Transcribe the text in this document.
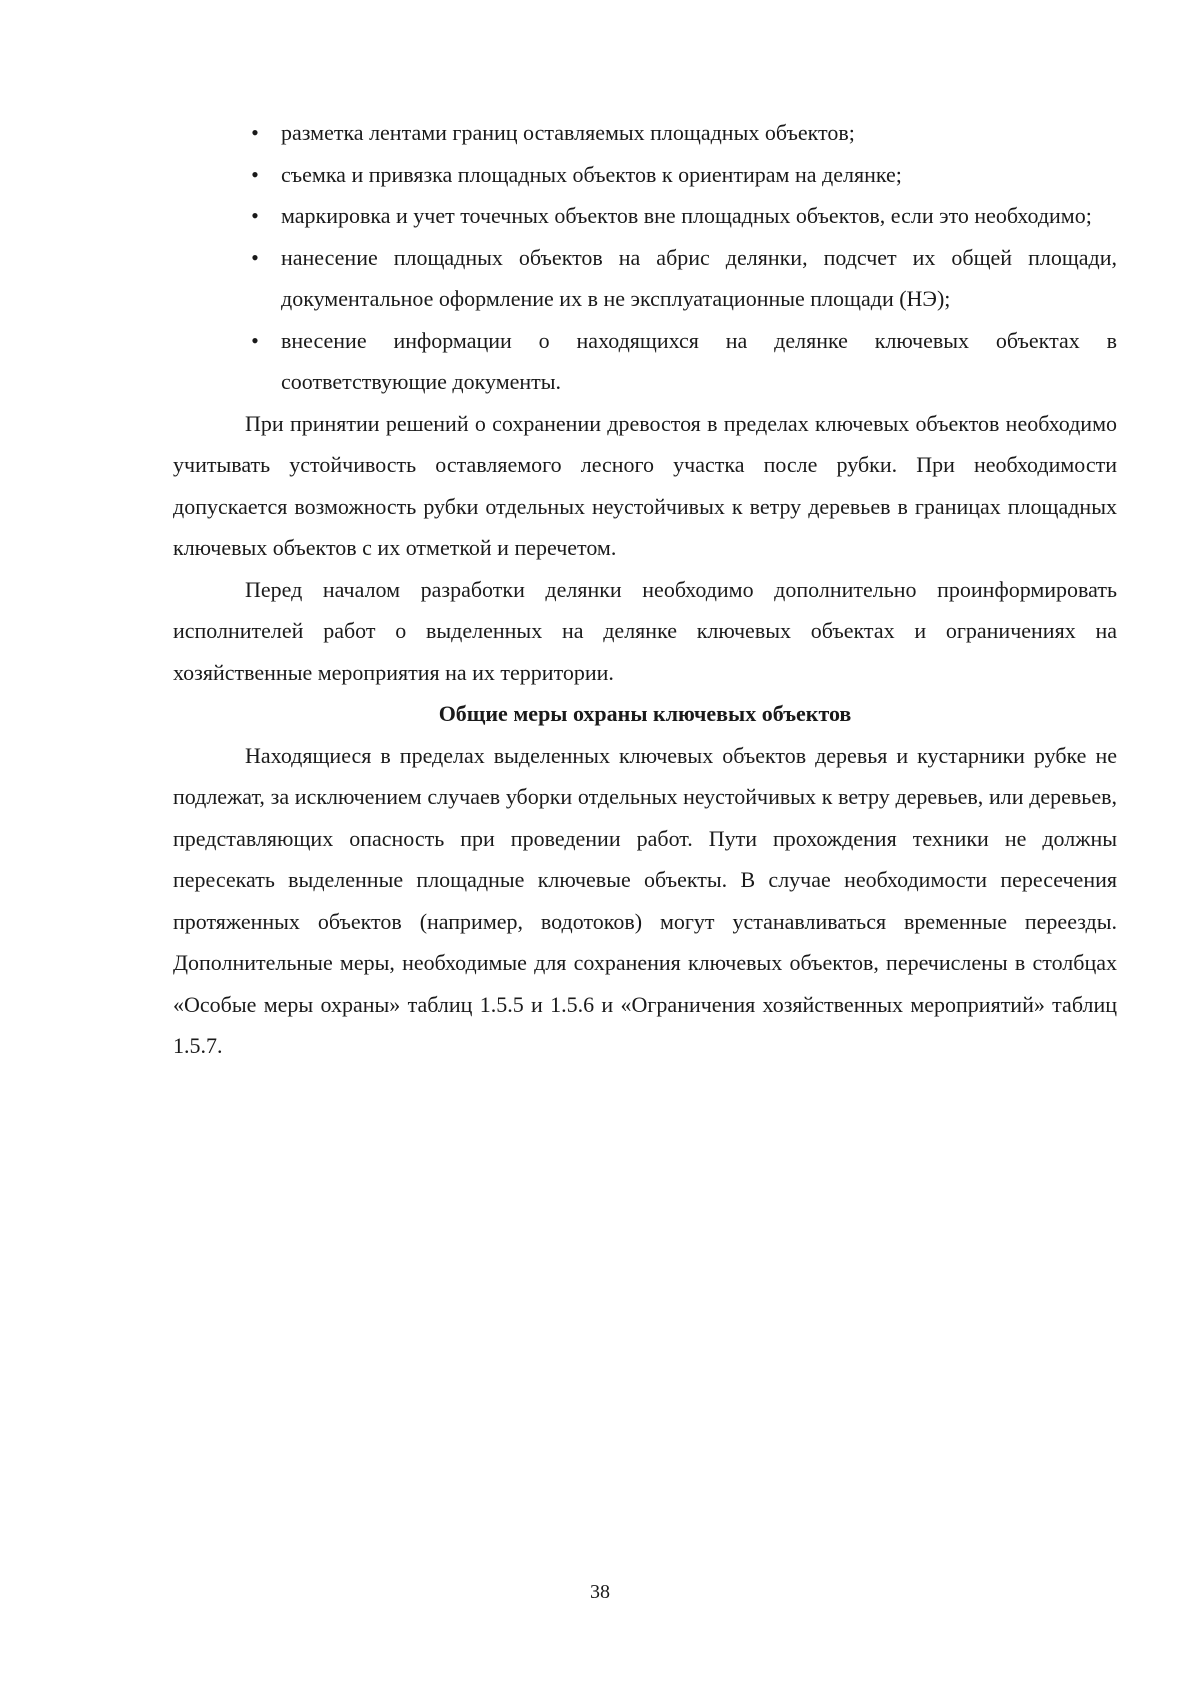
• разметка лентами границ оставляемых площадных объектов;

• съемка и привязка площадных объектов к ориентирам на делянке;

• маркировка и учет точечных объектов вне площадных объектов, если это необходимо;

• нанесение площадных объектов на абрис делянки, подсчет их общей площади, документальное оформление их в не эксплуатационные площади (НЭ);

• внесение информации о находящихся на делянке ключевых объектах в соответствующие документы.

При принятии решений о сохранении древостоя в пределах ключевых объектов необходимо учитывать устойчивость оставляемого лесного участка после рубки. При необходимости допускается возможность рубки отдельных неустойчивых к ветру деревьев в границах площадных ключевых объектов с их отметкой и перечетом.

Перед началом разработки делянки необходимо дополнительно проинформировать исполнителей работ о выделенных на делянке ключевых объектах и ограничениях на хозяйственные мероприятия на их территории.

Общие меры охраны ключевых объектов

Находящиеся в пределах выделенных ключевых объектов деревья и кустарники рубке не подлежат, за исключением случаев уборки отдельных неустойчивых к ветру деревьев, или деревьев, представляющих опасность при проведении работ. Пути прохождения техники не должны пересекать выделенные площадные ключевые объекты. В случае необходимости пересечения протяженных объектов (например, водотоков) могут устанавливаться временные переезды. Дополнительные меры, необходимые для сохранения ключевых объектов, перечислены в столбцах «Особые меры охраны» таблиц 1.5.5 и 1.5.6 и «Ограничения хозяйственных мероприятий» таблиц 1.5.7.

38
